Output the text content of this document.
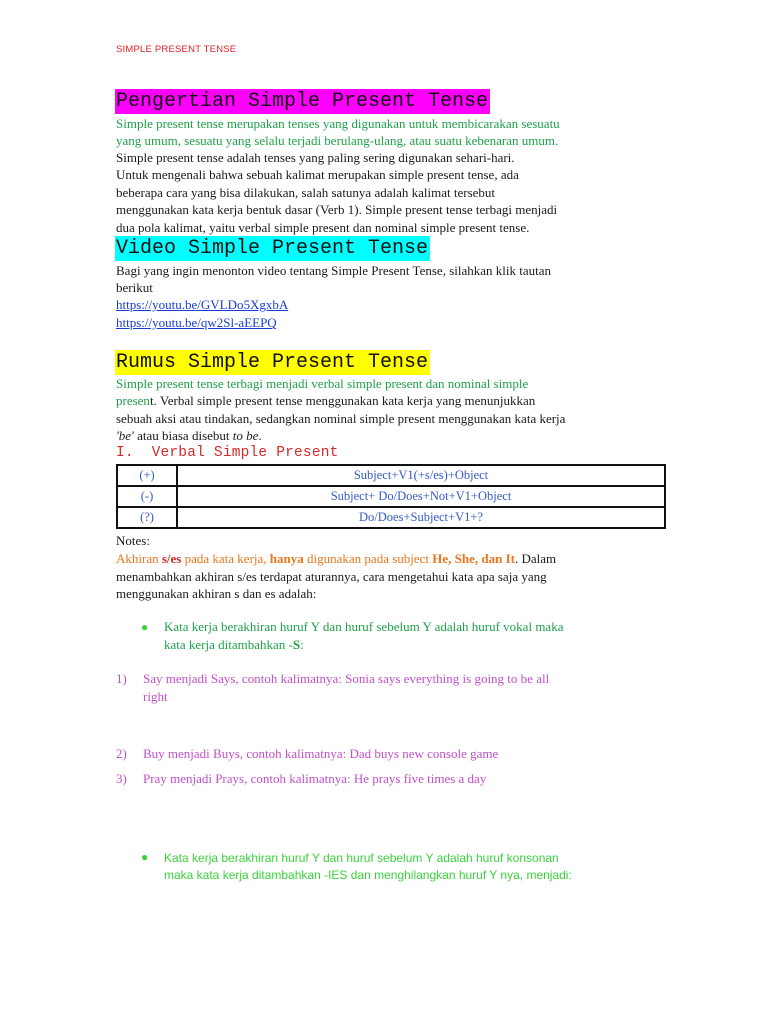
SIMPLE PRESENT TENSE
Pengertian Simple Present Tense
Simple present tense merupakan tenses yang digunakan untuk membicarakan sesuatu
yang umum, sesuatu yang selalu terjadi berulang-ulang, atau suatu kebenaran umum.
Simple present tense adalah tenses yang paling sering digunakan sehari-hari.
Untuk mengenali bahwa sebuah kalimat merupakan simple present tense, ada
beberapa cara yang bisa dilakukan, salah satunya adalah kalimat tersebut
menggunakan kata kerja bentuk dasar (Verb 1). Simple present tense terbagi menjadi
dua pola kalimat, yaitu verbal simple present dan nominal simple present tense.
Video Simple Present Tense
Bagi yang ingin menonton video tentang Simple Present Tense, silahkan klik tautan
berikut
https://youtu.be/GVLDo5XgxbA
https://youtu.be/qw2Sl-aEEPQ
Rumus Simple Present Tense
Simple present tense terbagi menjadi verbal simple present dan nominal simple
present. Verbal simple present tense menggunakan kata kerja yang menunjukkan
sebuah aksi atau tindakan, sedangkan nominal simple present menggunakan kata kerja
'be' atau biasa disebut to be.
I.  Verbal Simple Present
(+)	Subject+V1(+s/es)+Object
(-)	Subject+ Do/Does+Not+V1+Object
(?)	Do/Does+Subject+V1+?
Notes:
Akhiran s/es pada kata kerja, hanya digunakan pada subject He, She, dan It. Dalam
menambahkan akhiran s/es terdapat aturannya, cara mengetahui kata apa saja yang
menggunakan akhiran s dan es adalah:
● Kata kerja berakhiran huruf Y dan huruf sebelum Y adalah huruf vokal maka
kata kerja ditambahkan -S:
1) Say menjadi Says, contoh kalimatnya: Sonia says everything is going to be all
right
2) Buy menjadi Buys, contoh kalimatnya: Dad buys new console game
3) Pray menjadi Prays, contoh kalimatnya: He prays five times a day
● Kata kerja berakhiran huruf Y dan huruf sebelum Y adalah huruf konsonan
maka kata kerja ditambahkan -IES dan menghilangkan huruf Y nya, menjadi:
